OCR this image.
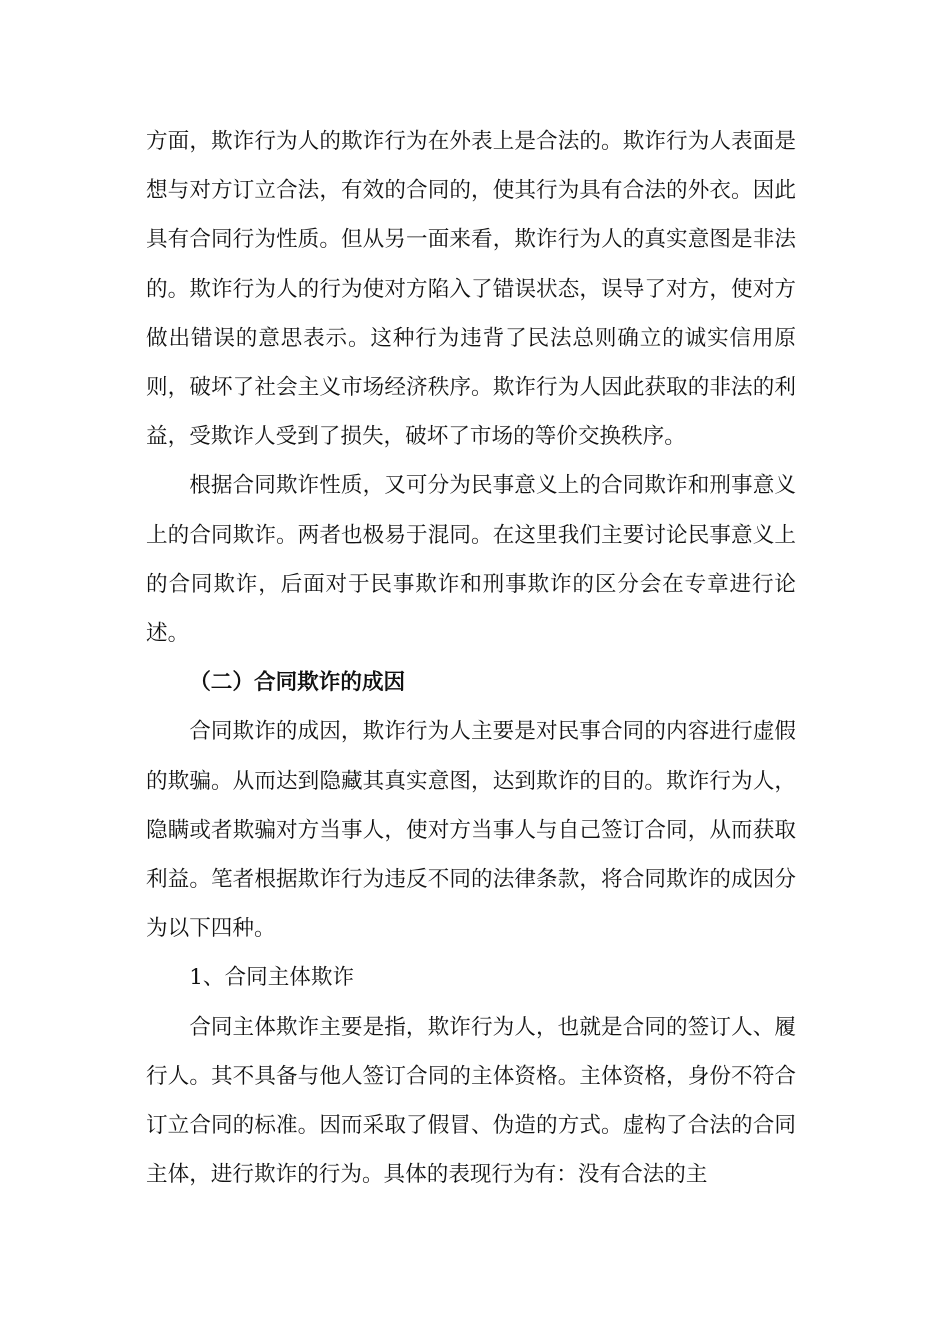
方面，欺诈行为人的欺诈行为在外表上是合法的。欺诈行为人表面是想与对方订立合法，有效的合同的，使其行为具有合法的外衣。因此具有合同行为性质。但从另一面来看，欺诈行为人的真实意图是非法的。欺诈行为人的行为使对方陷入了错误状态，误导了对方，使对方做出错误的意思表示。这种行为违背了民法总则确立的诚实信用原则，破坏了社会主义市场经济秩序。欺诈行为人因此获取的非法的利益，受欺诈人受到了损失，破坏了市场的等价交换秩序。

根据合同欺诈性质，又可分为民事意义上的合同欺诈和刑事意义上的合同欺诈。两者也极易于混同。在这里我们主要讨论民事意义上的合同欺诈，后面对于民事欺诈和刑事欺诈的区分会在专章进行论述。

（二）合同欺诈的成因

合同欺诈的成因，欺诈行为人主要是对民事合同的内容进行虚假的欺骗。从而达到隐藏其真实意图，达到欺诈的目的。欺诈行为人，隐瞒或者欺骗对方当事人，使对方当事人与自己签订合同，从而获取利益。笔者根据欺诈行为违反不同的法律条款，将合同欺诈的成因分为以下四种。

1、合同主体欺诈

合同主体欺诈主要是指，欺诈行为人，也就是合同的签订人、履行人。其不具备与他人签订合同的主体资格。主体资格，身份不符合订立合同的标准。因而采取了假冒、伪造的方式。虚构了合法的合同主体，进行欺诈的行为。具体的表现行为有：没有合法的主
